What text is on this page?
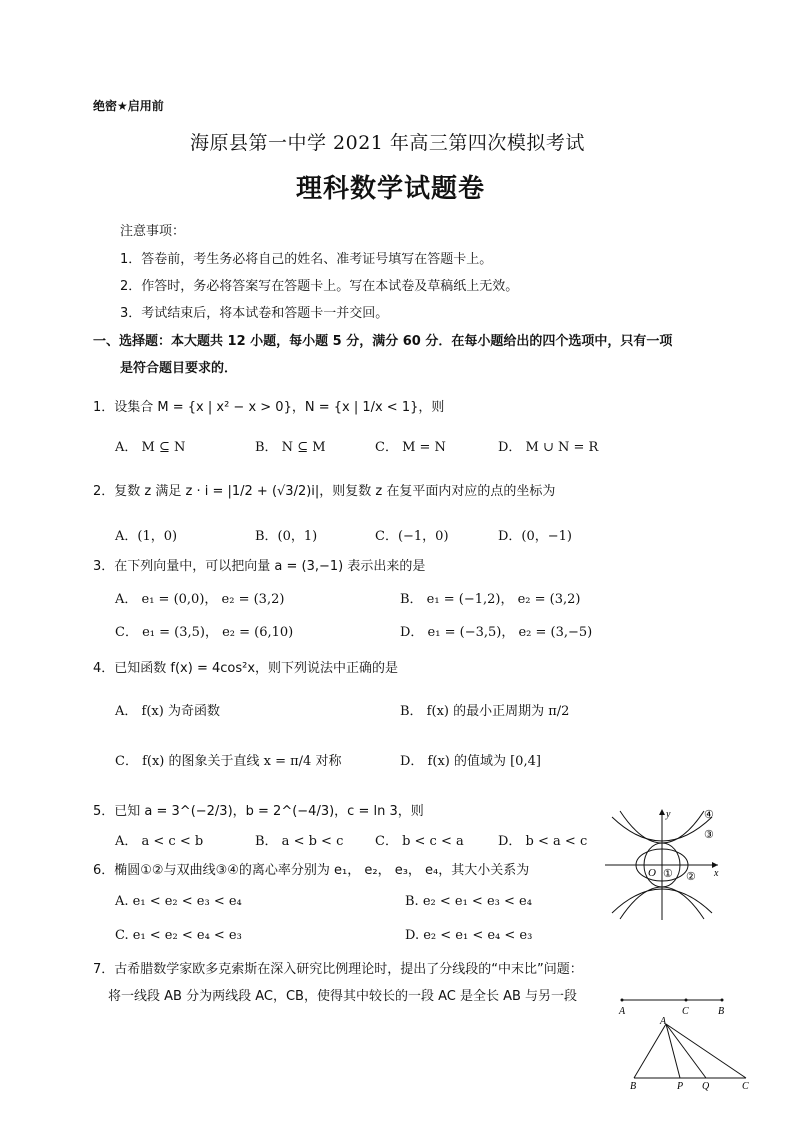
绝密★启用前
海原县第一中学 2021 年高三第四次模拟考试
理科数学试题卷
注意事项：
1．答卷前，考生务必将自己的姓名、准考证号填写在答题卡上。
2．作答时，务必将答案写在答题卡上。写在本试卷及草稿纸上无效。
3．考试结束后，将本试卷和答题卡一并交回。
一、选择题：本大题共 12 小题，每小题 5 分，满分 60 分．在每小题给出的四个选项中，只有一项
是符合题目要求的．
1．设集合 M = {x | x² − x > 0}，N = {x | 1/x < 1}，则
A． M ⊆ N	B． N ⊆ M	C． M = N	D． M ∪ N = R
2．复数 z 满足 z · i = |1/2 + (√3/2)i|，则复数 z 在复平面内对应的点的坐标为
A．(1，0)	B．(0，1)	C．(−1，0)	D．(0，−1)
3．在下列向量中，可以把向量 a = (3,−1) 表示出来的是
A． e₁ = (0,0)， e₂ = (3,2)	B． e₁ = (−1,2)， e₂ = (3,2)
C． e₁ = (3,5)， e₂ = (6,10)	D． e₁ = (−3,5)， e₂ = (3,−5)
4．已知函数 f(x) = 4cos²x，则下列说法中正确的是
A． f(x) 为奇函数	B． f(x) 的最小正周期为 π/2
C． f(x) 的图象关于直线 x = π/4 对称	D． f(x) 的值域为 [0,4]
5．已知 a = 3^(−2/3)，b = 2^(−4/3)，c = ln 3，则
A． a < c < b	B． a < b < c C． b < c < a	D． b < a < c
6．椭圆①②与双曲线③④的离心率分别为 e₁， e₂， e₃， e₄，其大小关系为
A. e₁ < e₂ < e₃ < e₄	B. e₂ < e₁ < e₃ < e₄
C. e₁ < e₂ < e₄ < e₃	D. e₂ < e₁ < e₄ < e₃
7．古希腊数学家欧多克索斯在深入研究比例理论时，提出了分线段的“中末比”问题：
将一线段 AB 分为两线段 AC，CB，使得其中较长的一段 AC 是全长 AB 与另一段
y
x
O ① ②
③
④
A	C	B
A
B	P Q	C
